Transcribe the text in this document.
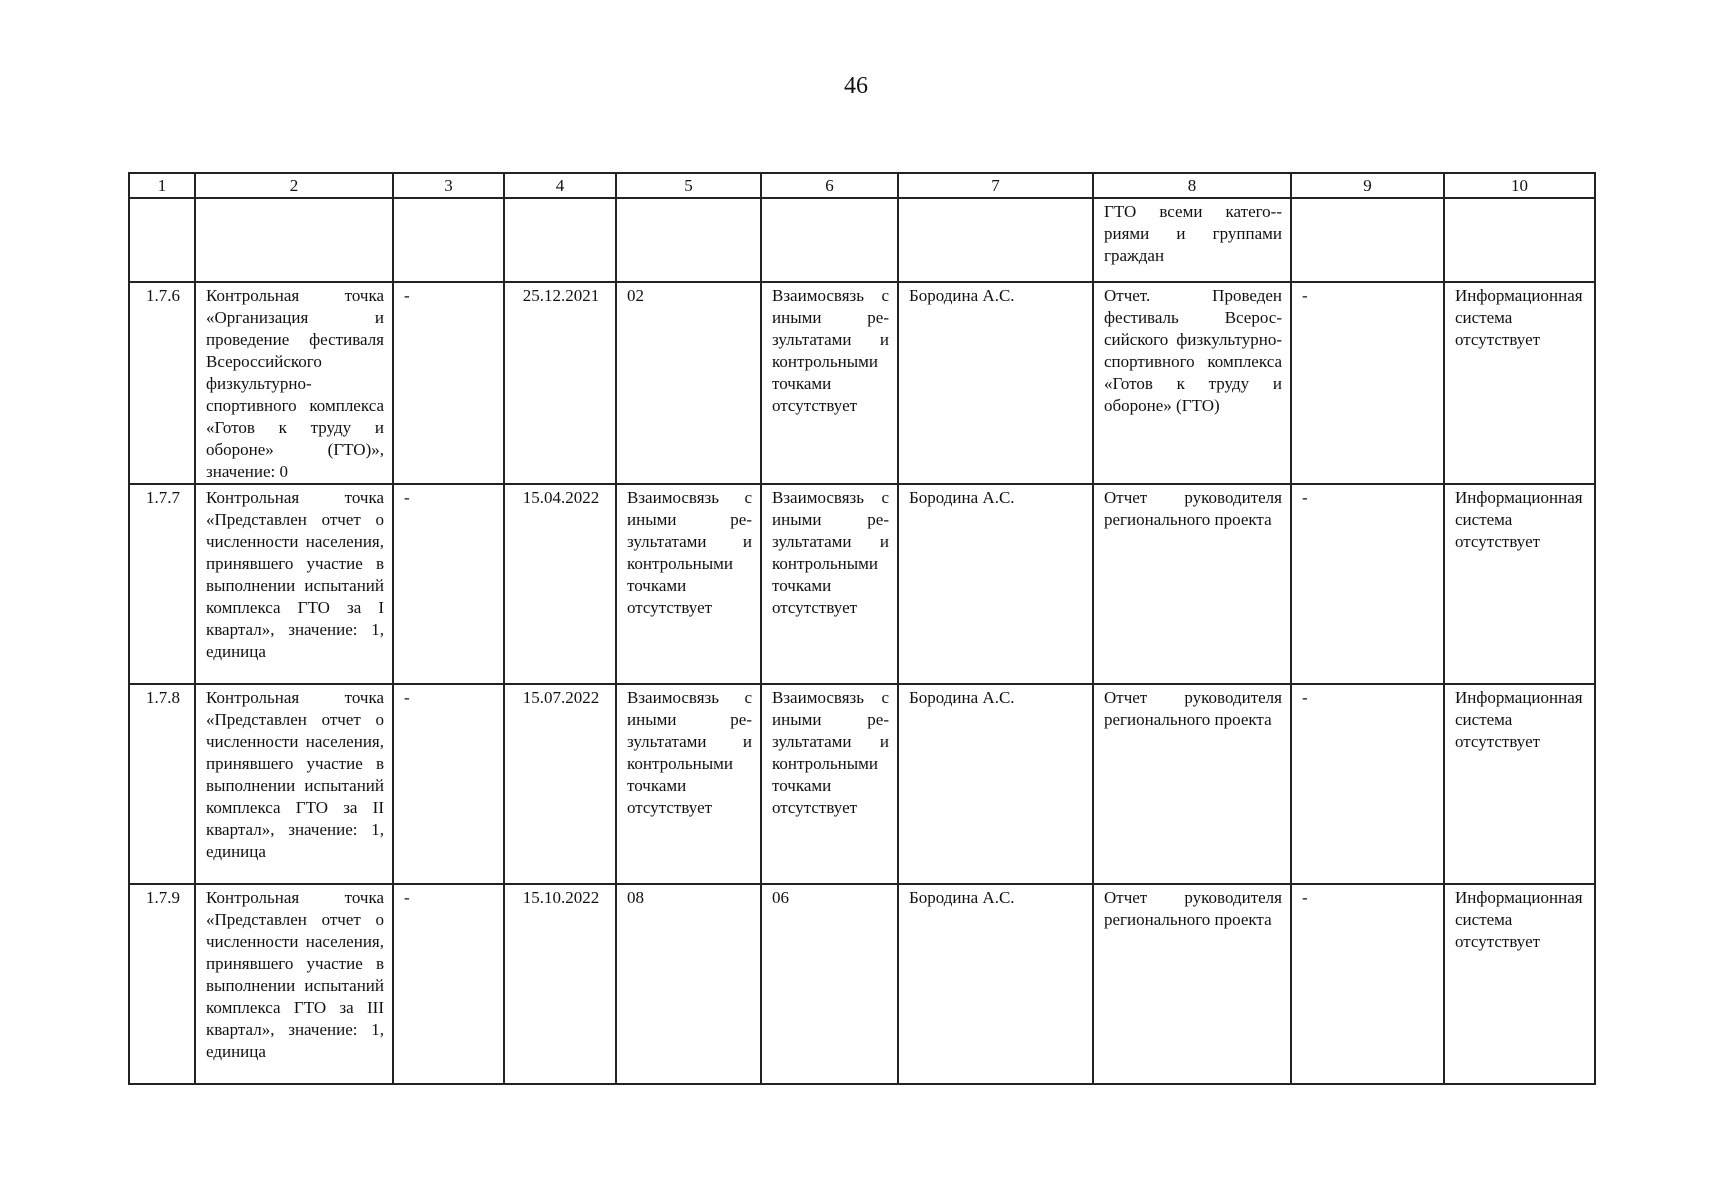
46
1	2	3	4	5	6	7	8	9	10
							ГТО всеми катего-риями и группами граждан		
1.7.6	Контрольная точка «Организация и проведение фестиваля Всероссийского физкультурно-спортивного комплекса «Готов к труду и обороне» (ГТО)», значение: 0	-	25.12.2021	02	Взаимосвязь с иными результатами и контрольными точками отсутствует	Бородина А.С.	Отчет. Проведен фестиваль Всероссийского физкультурно-спортивного комплекса «Готов к труду и обороне» (ГТО)	-	Информационная система отсутствует
1.7.7	Контрольная точка «Представлен отчет о численности населения, принявшего участие в выполнении испытаний комплекса ГТО за I квартал», значение: 1, единица	-	15.04.2022	Взаимосвязь с иными результатами и контрольными точками отсутствует	Взаимосвязь с иными результатами и контрольными точками отсутствует	Бородина А.С.	Отчет руководителя регионального проекта	-	Информационная система отсутствует
1.7.8	Контрольная точка «Представлен отчет о численности населения, принявшего участие в выполнении испытаний комплекса ГТО за II квартал», значение: 1, единица	-	15.07.2022	Взаимосвязь с иными результатами и контрольными точками отсутствует	Взаимосвязь с иными результатами и контрольными точками отсутствует	Бородина А.С.	Отчет руководителя регионального проекта	-	Информационная система отсутствует
1.7.9	Контрольная точка «Представлен отчет о численности населения, принявшего участие в выполнении испытаний комплекса ГТО за III квартал», значение: 1, единица	-	15.10.2022	08	06	Бородина А.С.	Отчет руководителя регионального проекта	-	Информационная система отсутствует
